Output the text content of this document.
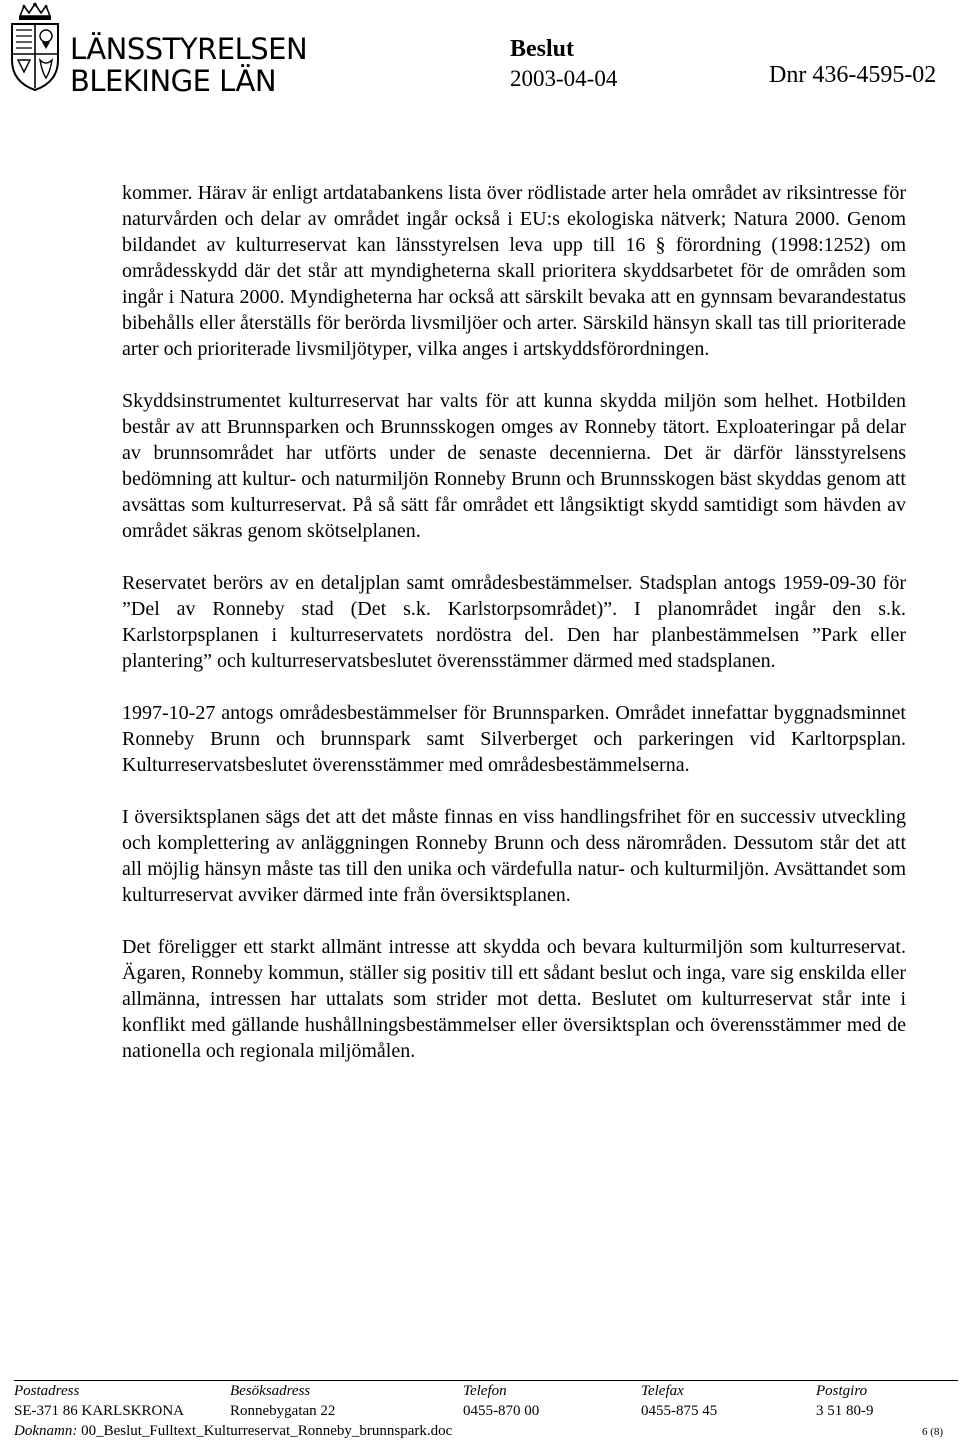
LÄNSSTYRELSEN
BLEKINGE LÄN
Beslut
2003-04-04	Dnr 436-4595-02

kommer. Härav är enligt artdatabankens lista över rödlistade arter hela området av riksintresse för naturvården och delar av området ingår också i EU:s ekologiska nätverk; Natura 2000. Genom bildandet av kulturreservat kan länsstyrelsen leva upp till 16 § förordning (1998:1252) om områdesskydd där det står att myndigheterna skall prioritera skyddsarbetet för de områden som ingår i Natura 2000. Myndigheterna har också att särskilt bevaka att en gynnsam bevarandestatus bibehålls eller återställs för berörda livsmiljöer och arter. Särskild hänsyn skall tas till prioriterade arter och prioriterade livsmiljötyper, vilka anges i artskyddsförordningen.

Skyddsinstrumentet kulturreservat har valts för att kunna skydda miljön som helhet. Hotbilden består av att Brunnsparken och Brunnsskogen omges av Ronneby tätort. Exploateringar på delar av brunnsområdet har utförts under de senaste decennierna. Det är därför länsstyrelsens bedömning att kultur- och naturmiljön Ronneby Brunn och Brunnsskogen bäst skyddas genom att avsättas som kulturreservat. På så sätt får området ett långsiktigt skydd samtidigt som hävden av området säkras genom skötselplanen.

Reservatet berörs av en detaljplan samt områdesbestämmelser. Stadsplan antogs 1959-09-30 för ”Del av Ronneby stad (Det s.k. Karlstorpsområdet)”. I planområdet ingår den s.k. Karlstorpsplanen i kulturreservatets nordöstra del. Den har planbestämmelsen ”Park eller plantering” och kulturreservatsbeslutet överensstämmer därmed med stadsplanen.

1997-10-27 antogs områdesbestämmelser för Brunnsparken. Området innefattar byggnadsminnet Ronneby Brunn och brunnspark samt Silverberget och parkeringen vid Karltorpsplan. Kulturreservatsbeslutet överensstämmer med områdesbestämmelserna.

I översiktsplanen sägs det att det måste finnas en viss handlingsfrihet för en successiv utveckling och komplettering av anläggningen Ronneby Brunn och dess närområden. Dessutom står det att all möjlig hänsyn måste tas till den unika och värdefulla natur- och kulturmiljön. Avsättandet som kulturreservat avviker därmed inte från översiktsplanen.

Det föreligger ett starkt allmänt intresse att skydda och bevara kulturmiljön som kulturreservat. Ägaren, Ronneby kommun, ställer sig positiv till ett sådant beslut och inga, vare sig enskilda eller allmänna, intressen har uttalats som strider mot detta. Beslutet om kulturreservat står inte i konflikt med gällande hushållningsbestämmelser eller översiktsplan och överensstämmer med de nationella och regionala miljömålen.

Postadress
SE-371 86 KARLSKRONA
Besöksadress
Ronnebygatan 22
Telefon
0455-870 00
Telefax
0455-875 45
Postgiro
3 51 80-9
Doknamn: 00_Beslut_Fulltext_Kulturreservat_Ronneby_brunnspark.doc	6 (8)
